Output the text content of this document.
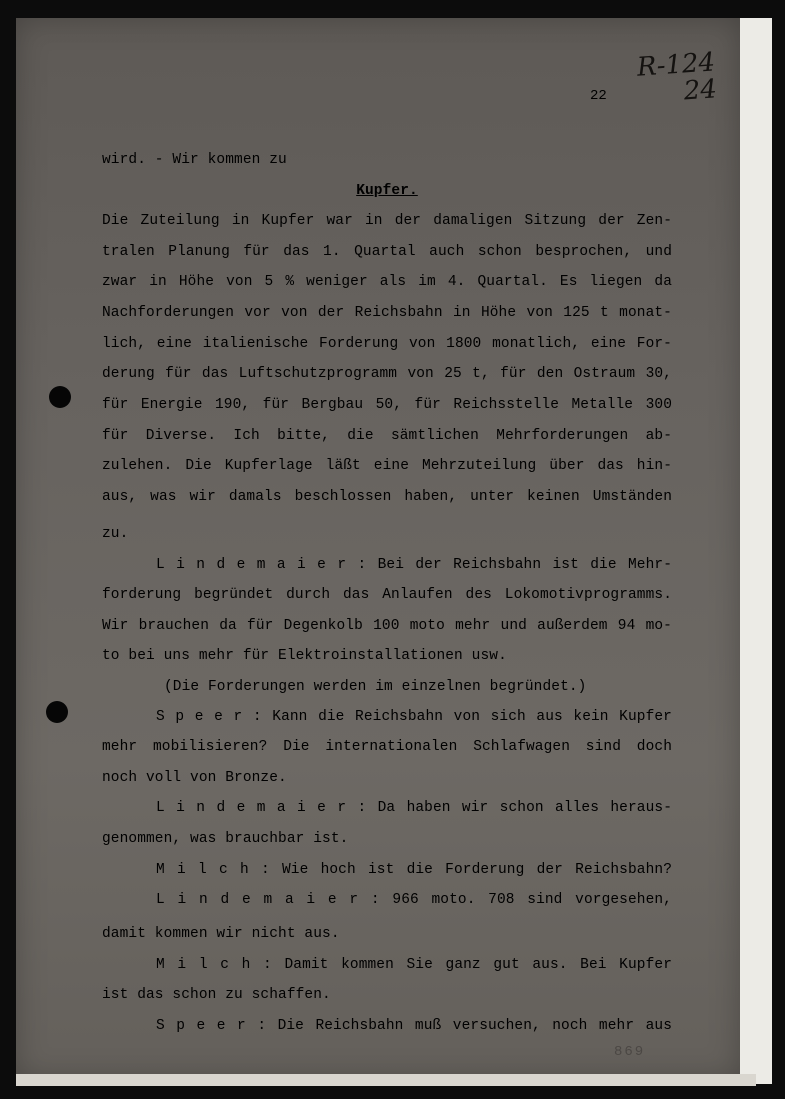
R-124
24
22
wird. - Wir kommen zu
Kupfer.
Die Zuteilung in Kupfer war in der damaligen Sitzung der Zen-
tralen Planung für das 1. Quartal auch schon besprochen, und
zwar in Höhe von 5 % weniger als im 4. Quartal. Es liegen da
Nachforderungen vor von der Reichsbahn in Höhe von 125 t monat-
lich, eine italienische Forderung von 1800 monatlich, eine For-
derung für das Luftschutzprogramm von 25 t, für den Ostraum 30,
für Energie 190, für Bergbau 50, für Reichsstelle Metalle 300
für Diverse. Ich bitte, die sämtlichen Mehrforderungen ab-
zulehen. Die Kupferlage läßt eine Mehrzuteilung über das hin-
aus, was wir damals beschlossen haben, unter keinen Umständen
zu.
L i n d e m a i e r : Bei der Reichsbahn ist die Mehr-
forderung begründet durch das Anlaufen des Lokomotivprogramms.
Wir brauchen da für Degenkolb 100 moto mehr und außerdem 94 mo-
to bei uns mehr für Elektroinstallationen usw.
(Die Forderungen werden im einzelnen begründet.)
S p e e r : Kann die Reichsbahn von sich aus kein Kupfer
mehr mobilisieren? Die internationalen Schlafwagen sind doch
noch voll von Bronze.
L i n d e m a i e r : Da haben wir schon alles heraus-
genommen, was brauchbar ist.
M i l c h : Wie hoch ist die Forderung der Reichsbahn?
L i n d e m a i e r : 966 moto. 708 sind vorgesehen,
damit kommen wir nicht aus.
M i l c h : Damit kommen Sie ganz gut aus. Bei Kupfer
ist das schon zu schaffen.
S p e e r : Die Reichsbahn muß versuchen, noch mehr aus
869
